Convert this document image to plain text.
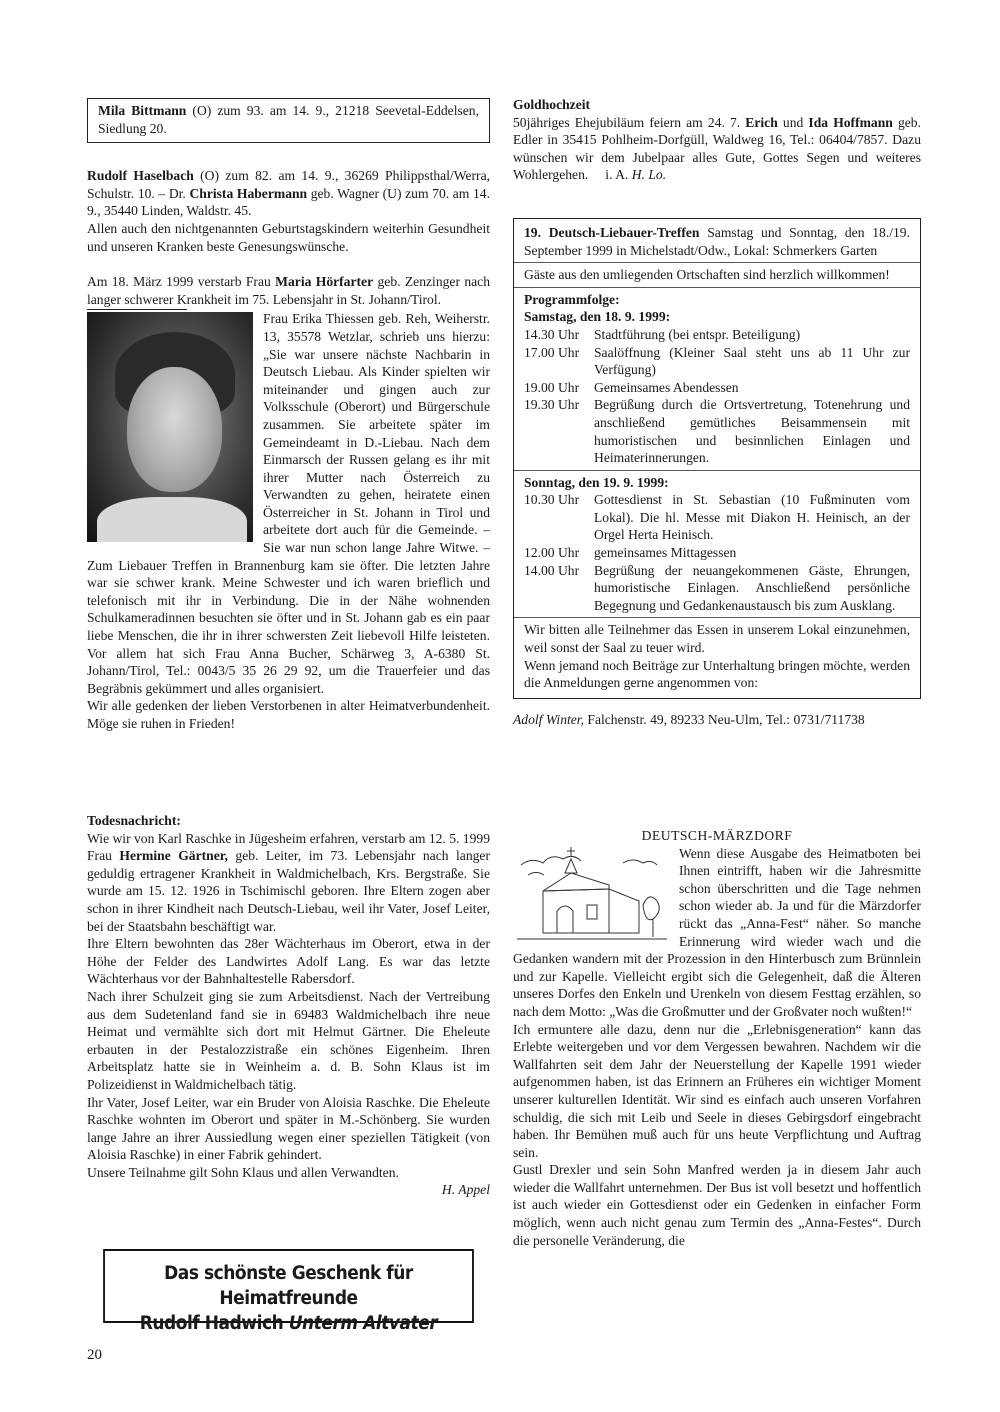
Mila Bittmann (O) zum 93. am 14. 9., 21218 Seevetal-Eddelsen, Siedlung 20.

Rudolf Haselbach (O) zum 82. am 14. 9., 36269 Philippsthal/Werra, Schulstr. 10. – Dr. Christa Habermann geb. Wagner (U) zum 70. am 14. 9., 35440 Linden, Waldstr. 45.

Allen auch den nichtgenannten Geburtstagskindern weiterhin Gesundheit und unseren Kranken beste Genesungswünsche.

Am 18. März 1999 verstarb Frau Maria Hörfarter geb. Zenzinger nach langer schwerer Krankheit im 75. Lebensjahr in St. Johann/Tirol.

Frau Erika Thiessen geb. Reh, Weiherstr. 13, 35578 Wetzlar, schrieb uns hierzu: „Sie war unsere nächste Nachbarin in Deutsch Liebau. Als Kinder spielten wir miteinander und gingen auch zur Volksschule (Oberort) und Bürgerschule zusammen. Sie arbeitete später im Gemeindeamt in D.-Liebau. Nach dem Einmarsch der Russen gelang es ihr mit ihrer Mutter nach Österreich zu Verwandten zu gehen, heiratete einen Österreicher in St. Johann in Tirol und arbeitete dort auch für die Gemeinde. – Sie war nun schon lange Jahre Witwe. – Zum Liebauer Treffen in Brannenburg kam sie öfter. Die letzten Jahre war sie schwer krank. Meine Schwester und ich waren brieflich und telefonisch mit ihr in Verbindung. Die in der Nähe wohnenden Schulkameradinnen besuchten sie öfter und in St. Johann gab es ein paar liebe Menschen, die ihr in ihrer schwersten Zeit liebevoll Hilfe leisteten. Vor allem hat sich Frau Anna Bucher, Schärweg 3, A-6380 St. Johann/Tirol, Tel.: 0043/5 35 26 29 92, um die Trauerfeier und das Begräbnis gekümmert und alles organisiert.

Wir alle gedenken der lieben Verstorbenen in alter Heimatverbundenheit. Möge sie ruhen in Frieden!

Todesnachricht:

Wie wir von Karl Raschke in Jügesheim erfahren, verstarb am 12. 5. 1999 Frau Hermine Gärtner, geb. Leiter, im 73. Lebensjahr nach langer geduldig ertragener Krankheit in Waldmichelbach, Krs. Bergstraße. Sie wurde am 15. 12. 1926 in Tschimischl geboren. Ihre Eltern zogen aber schon in ihrer Kindheit nach Deutsch-Liebau, weil ihr Vater, Josef Leiter, bei der Staatsbahn beschäftigt war.

Ihre Eltern bewohnten das 28er Wächterhaus im Oberort, etwa in der Höhe der Felder des Landwirtes Adolf Lang. Es war das letzte Wächterhaus vor der Bahnhaltestelle Rabersdorf.

Nach ihrer Schulzeit ging sie zum Arbeitsdienst. Nach der Vertreibung aus dem Sudetenland fand sie in 69483 Waldmichelbach ihre neue Heimat und vermählte sich dort mit Helmut Gärtner. Die Eheleute erbauten in der Pestalozzistraße ein schönes Eigenheim. Ihren Arbeitsplatz hatte sie in Weinheim a. d. B. Sohn Klaus ist im Polizeidienst in Waldmichelbach tätig.

Ihr Vater, Josef Leiter, war ein Bruder von Aloisia Raschke. Die Eheleute Raschke wohnten im Oberort und später in M.-Schönberg. Sie wurden lange Jahre an ihrer Aussiedlung wegen einer speziellen Tätigkeit (von Aloisia Raschke) in einer Fabrik gehindert.

Unsere Teilnahme gilt Sohn Klaus und allen Verwandten.

H. Appel

Das schönste Geschenk für Heimatfreunde
Rudolf Hadwich Unterm Altvater
20

Goldhochzeit

50jähriges Ehejubiläum feiern am 24. 7. Erich und Ida Hoffmann geb. Edler in 35415 Pohlheim-Dorfgüll, Waldweg 16, Tel.: 06404/7857. Dazu wünschen wir dem Jubelpaar alles Gute, Gottes Segen und weiteres Wohlergehen. i. A. H. Lo.

19. Deutsch-Liebauer-Treffen Samstag und Sonntag, den 18./19. September 1999 in Michelstadt/Odw., Lokal: Schmerkers Garten

Gäste aus den umliegenden Ortschaften sind herzlich willkommen!

Programmfolge:

Samstag, den 18. 9. 1999:

14.30 Uhr	Stadtführung (bei entspr. Beteiligung)
17.00 Uhr	Saalöffnung (Kleiner Saal steht uns ab 11 Uhr zur Verfügung)
19.00 Uhr	Gemeinsames Abendessen
19.30 Uhr	Begrüßung durch die Ortsvertretung, Totenehrung und anschließend gemütliches Beisammensein mit humoristischen und besinnlichen Einlagen und Heimaterinnerungen.

Sonntag, den 19. 9. 1999:

10.30 Uhr	Gottesdienst in St. Sebastian (10 Fußminuten vom Lokal). Die hl. Messe mit Diakon H. Heinisch, an der Orgel Herta Heinisch.
12.00 Uhr	gemeinsames Mittagessen
14.00 Uhr	Begrüßung der neuangekommenen Gäste, Ehrungen, humoristische Einlagen. Anschließend persönliche Begegnung und Gedankenaustausch bis zum Ausklang.

Wir bitten alle Teilnehmer das Essen in unserem Lokal einzunehmen, weil sonst der Saal zu teuer wird.

Wenn jemand noch Beiträge zur Unterhaltung bringen möchte, werden die Anmeldungen gerne angenommen von:

Adolf Winter, Falchenstr. 49, 89233 Neu-Ulm, Tel.: 0731/711738

DEUTSCH-MÄRZDORF

Wenn diese Ausgabe des Heimatboten bei Ihnen eintrifft, haben wir die Jahresmitte schon überschritten und die Tage nehmen schon wieder ab. Ja und für die Märzdorfer rückt das „Anna-Fest“ näher. So manche Erinnerung wird wieder wach und die Gedanken wandern mit der Prozession in den Hinterbusch zum Brünnlein und zur Kapelle. Vielleicht ergibt sich die Gelegenheit, daß die Älteren unseres Dorfes den Enkeln und Urenkeln von diesem Festtag erzählen, so nach dem Motto: „Was die Großmutter und der Großvater noch wußten!“

Ich ermuntere alle dazu, denn nur die „Erlebnisgeneration“ kann das Erlebte weitergeben und vor dem Vergessen bewahren. Nachdem wir die Wallfahrten seit dem Jahr der Neuerstellung der Kapelle 1991 wieder aufgenommen haben, ist das Erinnern an Früheres ein wichtiger Moment unserer kulturellen Identität. Wir sind es einfach auch unseren Vorfahren schuldig, die sich mit Leib und Seele in dieses Gebirgsdorf eingebracht haben. Ihr Bemühen muß auch für uns heute Verpflichtung und Auftrag sein.

Gustl Drexler und sein Sohn Manfred werden ja in diesem Jahr auch wieder die Wallfahrt unternehmen. Der Bus ist voll besetzt und hoffentlich ist auch wieder ein Gottesdienst oder ein Gedenken in einfacher Form möglich, wenn auch nicht genau zum Termin des „Anna-Festes“. Durch die personelle Veränderung, die
